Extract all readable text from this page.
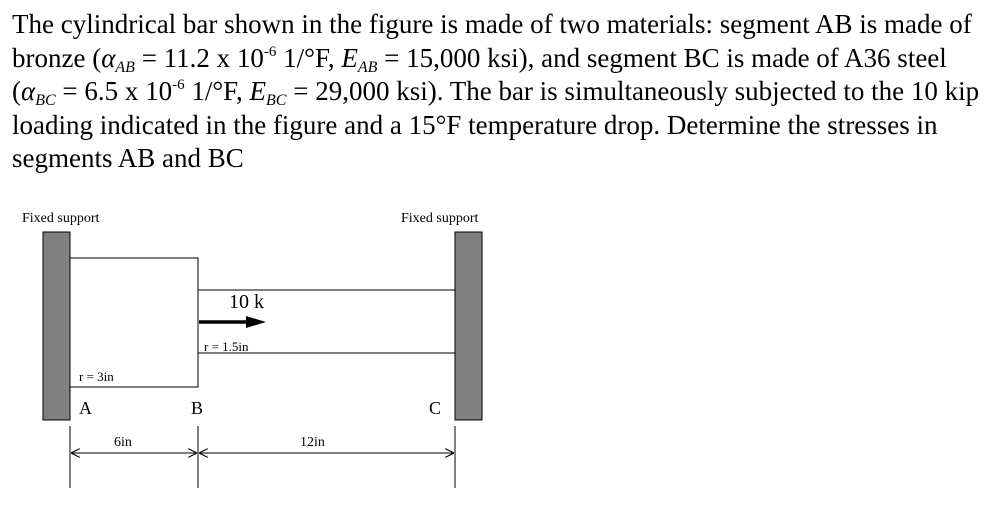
The cylindrical bar shown in the figure is made of two materials: segment AB is made of bronze ($\alpha_{AB} = 11.2$ x $10^{-6}$ 1/°F, $E_{AB} = 15,000$ ksi), and segment BC is made of A36 steel ($\alpha_{BC} = 6.5$ x $10^{-6}$ 1/°F, $E_{BC} = 29,000$ ksi). The bar is simultaneously subjected to the 10 kip loading indicated in the figure and a 15°F temperature drop. Determine the stresses in segments AB and BC
Fixed support	Fixed support
10 k
r = 1.5in
r = 3in
A	B	C
6in	12in
